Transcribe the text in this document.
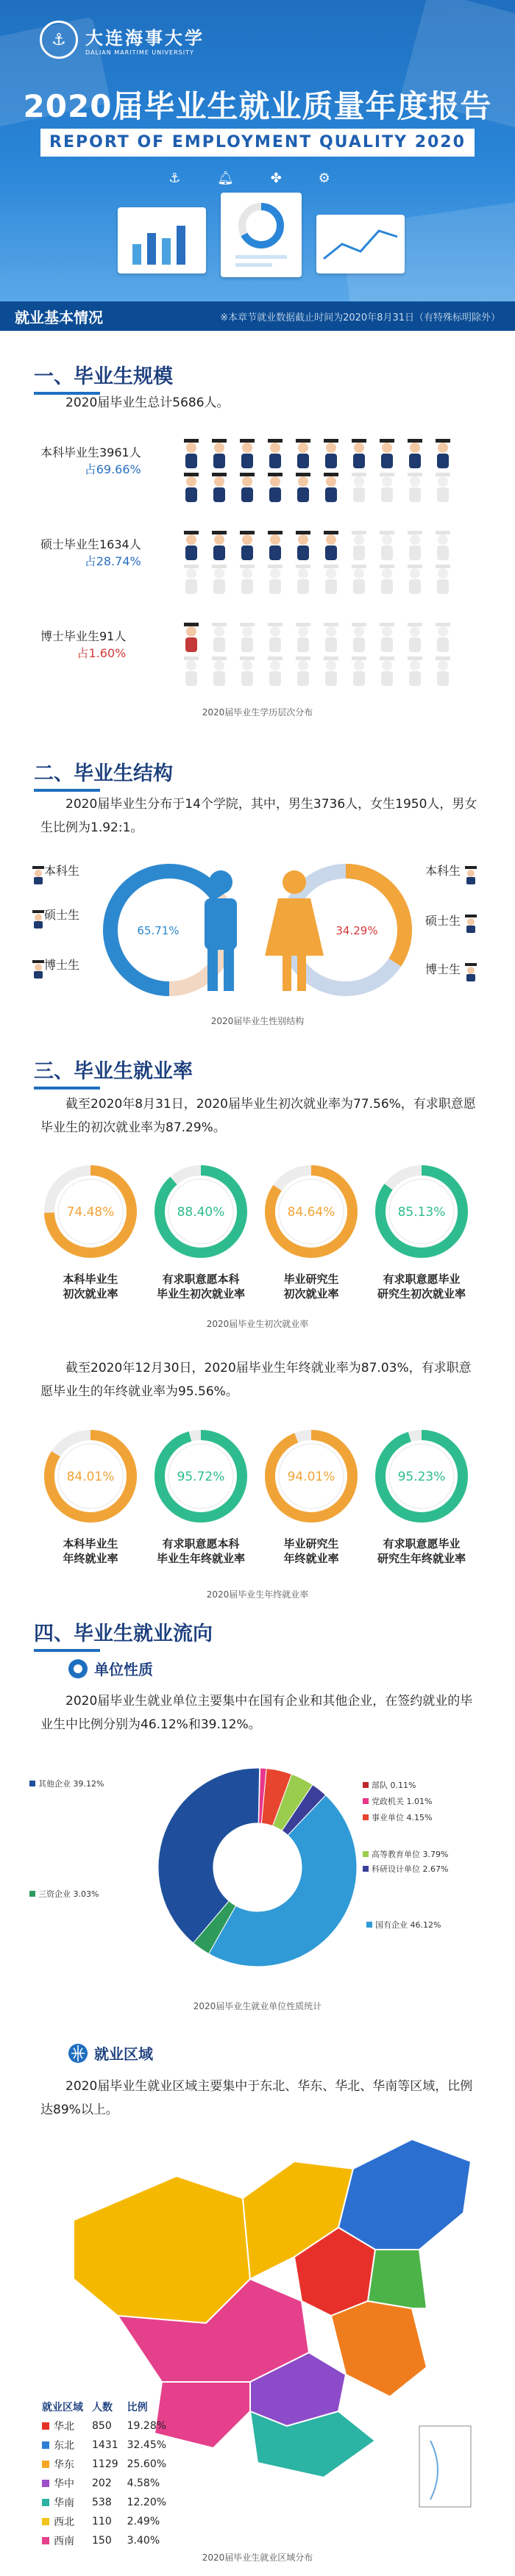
⚓	大连海事大学
DALIAN MARITIME UNIVERSITY
2020届毕业生就业质量年度报告
REPORT OF EMPLOYMENT QUALITY 2020
⚓ 🔔︎ ✤ ⚙
就业基本情况	※本章节就业数据截止时间为2020年8月31日（有特殊标明除外）
一、毕业生规模
2020届毕业生总计5686人。
本科毕业生3961人
占69.66%
硕士毕业生1634人
占28.74%
博士毕业生91人
占1.60%
2020届毕业生学历层次分布
二、毕业生结构
2020届毕业生分布于14个学院，其中，男生3736人，女生1950人，男女生比例为1.92:1。
65.71%	34.29%
本科生
硕士生
博士生
本科生
硕士生
博士生
2020届毕业生性别结构
三、毕业生就业率
截至2020年8月31日，2020届毕业生初次就业率为77.56%，有求职意愿毕业生的初次就业率为87.29%。
74.48%
本科毕业生
初次就业率
88.40%
有求职意愿本科
毕业生初次就业率
84.64%
毕业研究生
初次就业率
85.13%
有求职意愿毕业
研究生初次就业率
2020届毕业生初次就业率
截至2020年12月30日，2020届毕业生年终就业率为87.03%，有求职意愿毕业生的年终就业率为95.56%。
84.01%
本科毕业生
年终就业率
95.72%
有求职意愿本科
毕业生年终就业率
94.01%
毕业研究生
年终就业率
95.23%
有求职意愿毕业
研究生年终就业率
2020届毕业生年终就业率
四、毕业生就业流向
单位性质
2020届毕业生就业单位主要集中在国有企业和其他企业，在签约就业的毕业生中比例分别为46.12%和39.12%。
部队 0.11%
党政机关 1.01%
事业单位 4.15%
高等教育单位 3.79%
科研设计单位 2.67%
国有企业 46.12%
三资企业 3.03%
其他企业 39.12%
2020届毕业生就业单位性质统计
就业区域
2020届毕业生就业区域主要集中于东北、华东、华北、华南等区域，比例达89%以上。
就业区域	人数	比例
华北	850	19.28%
东北	1431	32.45%
华东	1129	25.60%
华中	202	4.58%
华南	538	12.20%
西北	110	2.49%
西南	150	3.40%
2020届毕业生就业区域分布
